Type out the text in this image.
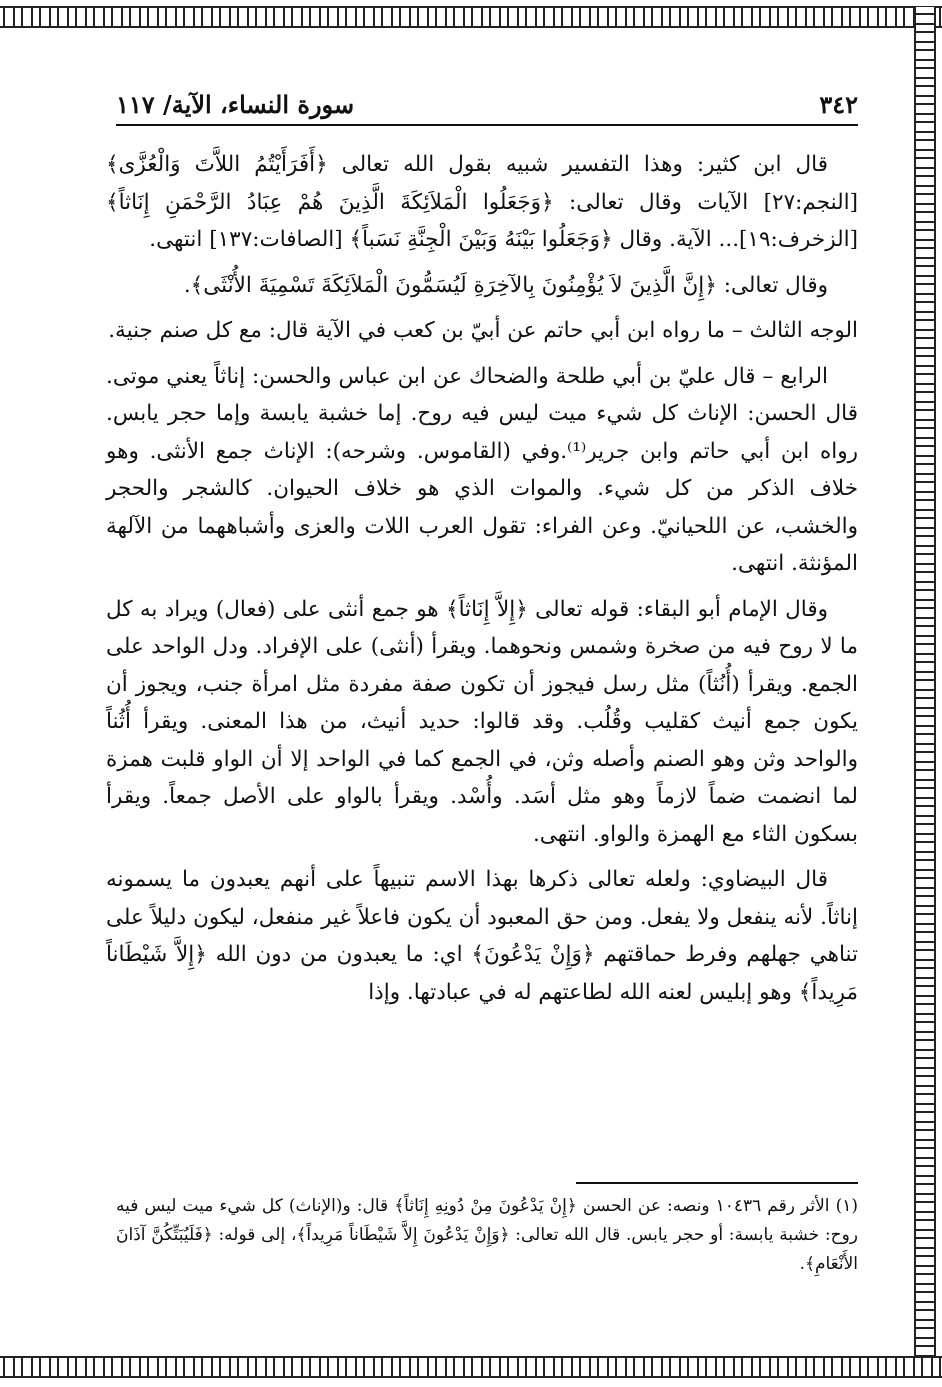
٣٤٢
سورة النساء، الآية/ ١١٧

قال ابن كثير: وهذا التفسير شبيه بقول الله تعالى ﴿أَفَرَأَيْتُمُ اللاَّتَ وَالْعُزَّى﴾ [النجم:٢٧] الآيات وقال تعالى: ﴿وَجَعَلُوا الْمَلاَئِكَةَ الَّذِينَ هُمْ عِبَادُ الرَّحْمَنِ إِنَاثاً﴾ [الزخرف:١٩]... الآية. وقال ﴿وَجَعَلُوا بَيْنَهُ وَبَيْنَ الْجِنَّةِ نَسَباً﴾ [الصافات:١٣٧] انتهى.

وقال تعالى: ﴿إِنَّ الَّذِينَ لاَ يُؤْمِنُونَ بِالآخِرَةِ لَيُسَمُّونَ الْمَلاَئِكَةَ تَسْمِيَةَ الأُنْثَى﴾.

الوجه الثالث – ما رواه ابن أبي حاتم عن أبيّ بن كعب في الآية قال: مع كل صنم جنية.

الرابع – قال عليّ بن أبي طلحة والضحاك عن ابن عباس والحسن: إناثاً يعني موتى. قال الحسن: الإناث كل شيء ميت ليس فيه روح. إما خشبة يابسة وإما حجر يابس. رواه ابن أبي حاتم وابن جرير⁽¹⁾.وفي (القاموس. وشرحه): الإناث جمع الأنثى. وهو خلاف الذكر من كل شيء. والموات الذي هو خلاف الحيوان. كالشجر والحجر والخشب، عن اللحيانيّ. وعن الفراء: تقول العرب اللات والعزى وأشباههما من الآلهة المؤنثة. انتهى.

وقال الإمام أبو البقاء: قوله تعالى ﴿إِلاَّ إِنَاثاً﴾ هو جمع أنثى على (فعال) ويراد به كل ما لا روح فيه من صخرة وشمس ونحوهما. ويقرأ (أنثى) على الإفراد. ودل الواحد على الجمع. ويقرأ (أُنُثاً) مثل رسل فيجوز أن تكون صفة مفردة مثل امرأة جنب، ويجوز أن يكون جمع أنيث كقليب وقُلُب. وقد قالوا: حديد أنيث، من هذا المعنى. ويقرأ أُثُناً والواحد وثن وهو الصنم وأصله وثن، في الجمع كما في الواحد إلا أن الواو قلبت همزة لما انضمت ضماً لازماً وهو مثل أسَد. وأُسْد. ويقرأ بالواو على الأصل جمعاً. ويقرأ بسكون الثاء مع الهمزة والواو. انتهى.

قال البيضاوي: ولعله تعالى ذكرها بهذا الاسم تنبيهاً على أنهم يعبدون ما يسمونه إناثاً. لأنه ينفعل ولا يفعل. ومن حق المعبود أن يكون فاعلاً غير منفعل، ليكون دليلاً على تناهي جهلهم وفرط حماقتهم ﴿وَإِنْ يَدْعُونَ﴾ اي: ما يعبدون من دون الله ﴿إِلاَّ شَيْطَاناً مَرِيداً﴾ وهو إبليس لعنه الله لطاعتهم له في عبادتها. وإذا

(١) الأثر رقم ١٠٤٣٦ ونصه: عن الحسن ﴿إِنْ يَدْعُونَ مِنْ دُونِهِ إِنَاثاً﴾ قال: و(الإناث) كل شيء ميت ليس فيه روح: خشبة يابسة: أو حجر يابس. قال الله تعالى: ﴿وَإِنْ يَدْعُونَ إِلاَّ شَيْطَاناً مَرِيداً﴾، إلى قوله: ﴿فَلَيُبَتِّكُنَّ آذَانَ الأَنْعَامِ﴾.
